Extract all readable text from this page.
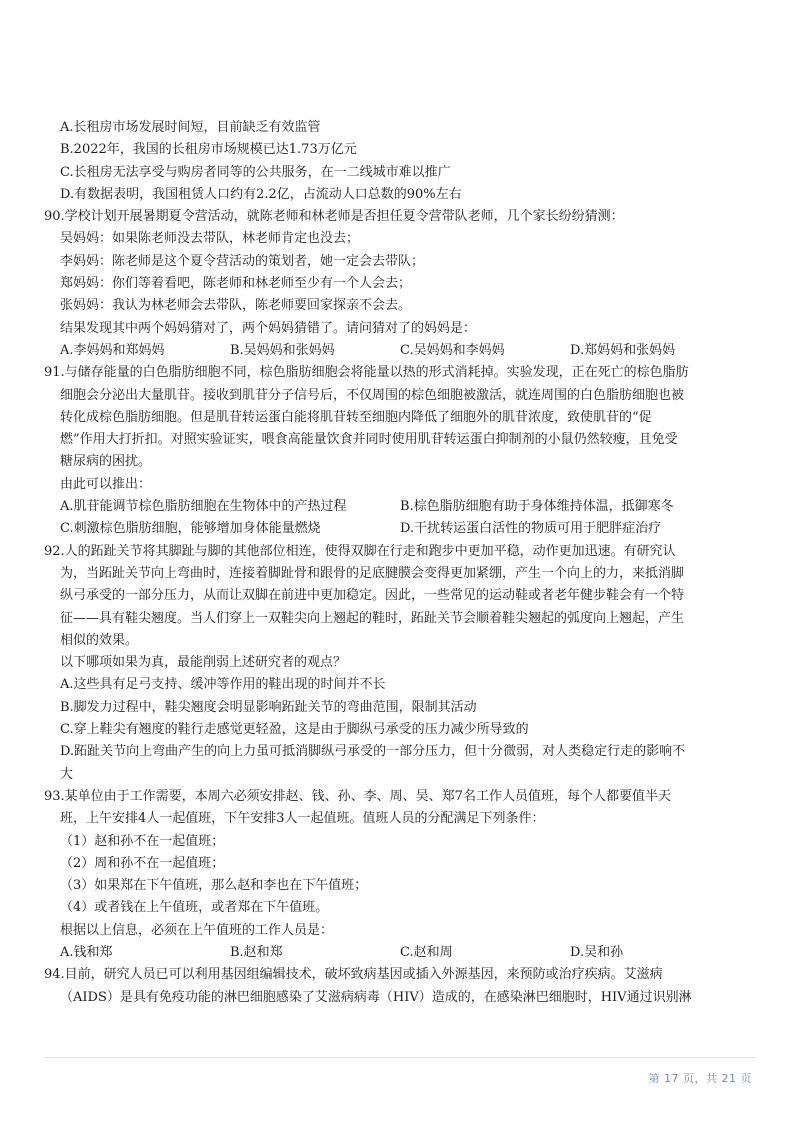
A.长租房市场发展时间短，目前缺乏有效监管
B.2022年，我国的长租房市场规模已达1.73万亿元
C.长租房无法享受与购房者同等的公共服务，在一二线城市难以推广
D.有数据表明，我国租赁人口约有2.2亿，占流动人口总数的90%左右
90.学校计划开展暑期夏令营活动，就陈老师和林老师是否担任夏令营带队老师，几个家长纷纷猜测：
吴妈妈：如果陈老师没去带队，林老师肯定也没去；
李妈妈：陈老师是这个夏令营活动的策划者，她一定会去带队；
郑妈妈：你们等着看吧，陈老师和林老师至少有一个人会去；
张妈妈：我认为林老师会去带队，陈老师要回家探亲不会去。
结果发现其中两个妈妈猜对了，两个妈妈猜错了。请问猜对了的妈妈是：
A.李妈妈和郑妈妈	B.吴妈妈和张妈妈	C.吴妈妈和李妈妈	D.郑妈妈和张妈妈
91.与储存能量的白色脂肪细胞不同，棕色脂肪细胞会将能量以热的形式消耗掉。实验发现，正在死亡的棕色脂肪
细胞会分泌出大量肌苷。接收到肌苷分子信号后，不仅周围的棕色细胞被激活，就连周围的白色脂肪细胞也被
转化成棕色脂肪细胞。但是肌苷转运蛋白能将肌苷转至细胞内降低了细胞外的肌苷浓度，致使肌苷的“促
燃”作用大打折扣。对照实验证实，喂食高能量饮食并同时使用肌苷转运蛋白抑制剂的小鼠仍然较瘦，且免受
糖尿病的困扰。
由此可以推出：
A.肌苷能调节棕色脂肪细胞在生物体中的产热过程	B.棕色脂肪细胞有助于身体维持体温，抵御寒冬
C.刺激棕色脂肪细胞，能够增加身体能量燃烧	D.干扰转运蛋白活性的物质可用于肥胖症治疗
92.人的跖趾关节将其脚趾与脚的其他部位相连，使得双脚在行走和跑步中更加平稳，动作更加迅速。有研究认
为，当跖趾关节向上弯曲时，连接着脚趾骨和跟骨的足底腱膜会变得更加紧绷，产生一个向上的力，来抵消脚
纵弓承受的一部分压力，从而让双脚在前进中更加稳定。因此，一些常见的运动鞋或者老年健步鞋会有一个特
征——具有鞋尖翘度。当人们穿上一双鞋尖向上翘起的鞋时，跖趾关节会顺着鞋尖翘起的弧度向上翘起，产生
相似的效果。
以下哪项如果为真，最能削弱上述研究者的观点？
A.这些具有足弓支持、缓冲等作用的鞋出现的时间并不长
B.脚发力过程中，鞋尖翘度会明显影响跖趾关节的弯曲范围，限制其活动
C.穿上鞋尖有翘度的鞋行走感觉更轻盈，这是由于脚纵弓承受的压力减少所导致的
D.跖趾关节向上弯曲产生的向上力虽可抵消脚纵弓承受的一部分压力，但十分微弱，对人类稳定行走的影响不
大
93.某单位由于工作需要，本周六必须安排赵、钱、孙、李、周、吴、郑7名工作人员值班，每个人都要值半天
班，上午安排4人一起值班，下午安排3人一起值班。值班人员的分配满足下列条件：
（1）赵和孙不在一起值班；
（2）周和孙不在一起值班；
（3）如果郑在下午值班，那么赵和李也在下午值班；
（4）或者钱在上午值班，或者郑在下午值班。
根据以上信息，必须在上午值班的工作人员是：
A.钱和郑	B.赵和郑	C.赵和周	D.吴和孙
94.目前，研究人员已可以利用基因组编辑技术，破坏致病基因或插入外源基因，来预防或治疗疾病。艾滋病
（AIDS）是具有免疫功能的淋巴细胞感染了艾滋病病毒（HIV）造成的，在感染淋巴细胞时，HIV通过识别淋
第 17 页，共 21 页
